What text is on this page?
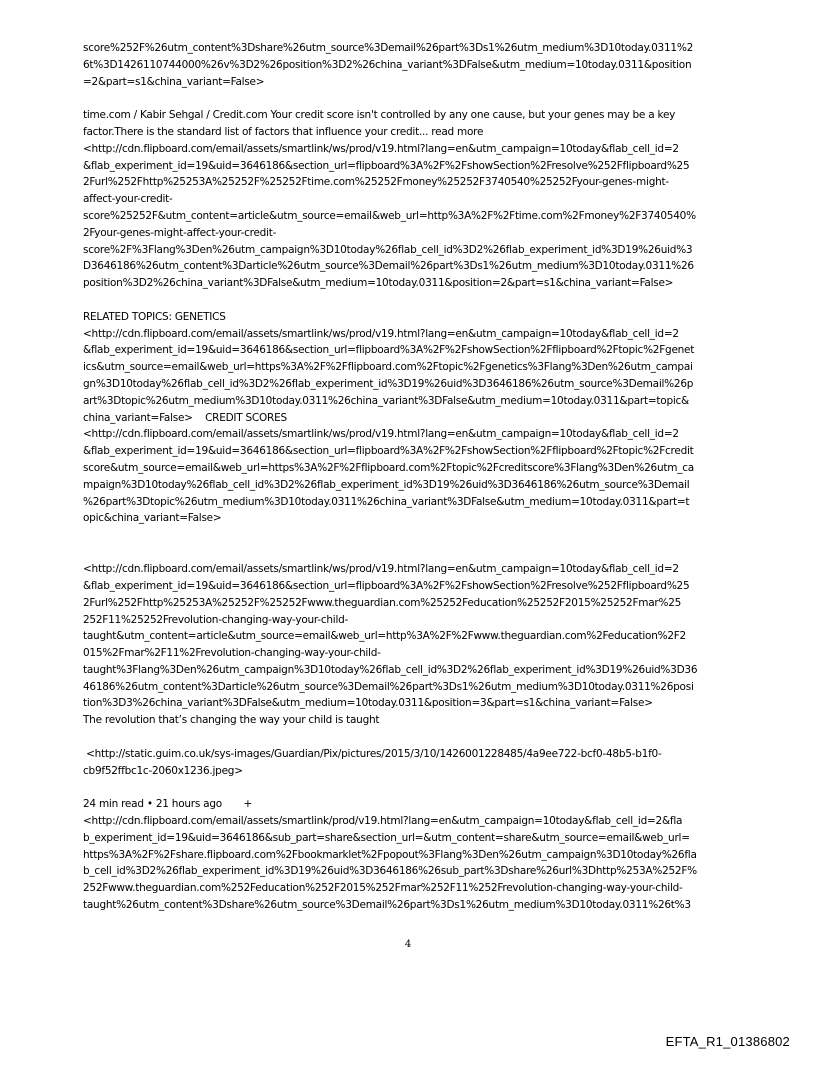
score%252F%26utm_content%3Dshare%26utm_source%3Demail%26part%3Ds1%26utm_medium%3D10today.0311%2
6t%3D1426110744000%26v%3D2%26position%3D2%26china_variant%3DFalse&utm_medium=10today.0311&position
=2&part=s1&china_variant=False>
time.com / Kabir Sehgal / Credit.com Your credit score isn't controlled by any one cause, but your genes may be a key
factor.There is the standard list of factors that influence your credit... read more
<http://cdn.flipboard.com/email/assets/smartlink/ws/prod/v19.html?lang=en&utm_campaign=10today&flab_cell_id=2
&flab_experiment_id=19&uid=3646186&section_url=flipboard%3A%2F%2FshowSection%2Fresolve%252Fflipboard%25
2Furl%252Fhttp%25253A%25252F%25252Ftime.com%25252Fmoney%25252F3740540%25252Fyour-genes-might-
affect-your-credit-
score%25252F&utm_content=article&utm_source=email&web_url=http%3A%2F%2Ftime.com%2Fmoney%2F3740540%
2Fyour-genes-might-affect-your-credit-
score%2F%3Flang%3Den%26utm_campaign%3D10today%26flab_cell_id%3D2%26flab_experiment_id%3D19%26uid%3
D3646186%26utm_content%3Darticle%26utm_source%3Demail%26part%3Ds1%26utm_medium%3D10today.0311%26
position%3D2%26china_variant%3DFalse&utm_medium=10today.0311&position=2&part=s1&china_variant=False>
RELATED TOPICS: GENETICS
<http://cdn.flipboard.com/email/assets/smartlink/ws/prod/v19.html?lang=en&utm_campaign=10today&flab_cell_id=2
&flab_experiment_id=19&uid=3646186&section_url=flipboard%3A%2F%2FshowSection%2Fflipboard%2Ftopic%2Fgenet
ics&utm_source=email&web_url=https%3A%2F%2Fflipboard.com%2Ftopic%2Fgenetics%3Flang%3Den%26utm_campai
gn%3D10today%26flab_cell_id%3D2%26flab_experiment_id%3D19%26uid%3D3646186%26utm_source%3Demail%26p
art%3Dtopic%26utm_medium%3D10today.0311%26china_variant%3DFalse&utm_medium=10today.0311&part=topic&
china_variant=False>    CREDIT SCORES
<http://cdn.flipboard.com/email/assets/smartlink/ws/prod/v19.html?lang=en&utm_campaign=10today&flab_cell_id=2
&flab_experiment_id=19&uid=3646186&section_url=flipboard%3A%2F%2FshowSection%2Fflipboard%2Ftopic%2Fcredit
score&utm_source=email&web_url=https%3A%2F%2Fflipboard.com%2Ftopic%2Fcreditscore%3Flang%3Den%26utm_ca
mpaign%3D10today%26flab_cell_id%3D2%26flab_experiment_id%3D19%26uid%3D3646186%26utm_source%3Demail
%26part%3Dtopic%26utm_medium%3D10today.0311%26china_variant%3DFalse&utm_medium=10today.0311&part=t
opic&china_variant=False>
<http://cdn.flipboard.com/email/assets/smartlink/ws/prod/v19.html?lang=en&utm_campaign=10today&flab_cell_id=2
&flab_experiment_id=19&uid=3646186&section_url=flipboard%3A%2F%2FshowSection%2Fresolve%252Fflipboard%25
2Furl%252Fhttp%25253A%25252F%25252Fwww.theguardian.com%25252Feducation%25252F2015%25252Fmar%25
252F11%25252Frevolution-changing-way-your-child-
taught&utm_content=article&utm_source=email&web_url=http%3A%2F%2Fwww.theguardian.com%2Feducation%2F2
015%2Fmar%2F11%2Frevolution-changing-way-your-child-
taught%3Flang%3Den%26utm_campaign%3D10today%26flab_cell_id%3D2%26flab_experiment_id%3D19%26uid%3D36
46186%26utm_content%3Darticle%26utm_source%3Demail%26part%3Ds1%26utm_medium%3D10today.0311%26posi
tion%3D3%26china_variant%3DFalse&utm_medium=10today.0311&position=3&part=s1&china_variant=False>
The revolution that’s changing the way your child is taught
<http://static.guim.co.uk/sys-images/Guardian/Pix/pictures/2015/3/10/1426001228485/4a9ee722-bcf0-48b5-b1f0-
cb9f52ffbc1c-2060x1236.jpeg>
24 min read • 21 hours ago       +
<http://cdn.flipboard.com/email/assets/smartlink/prod/v19.html?lang=en&utm_campaign=10today&flab_cell_id=2&fla
b_experiment_id=19&uid=3646186&sub_part=share&section_url=&utm_content=share&utm_source=email&web_url=
https%3A%2F%2Fshare.flipboard.com%2Fbookmarklet%2Fpopout%3Flang%3Den%26utm_campaign%3D10today%26fla
b_cell_id%3D2%26flab_experiment_id%3D19%26uid%3D3646186%26sub_part%3Dshare%26url%3Dhttp%253A%252F%
252Fwww.theguardian.com%252Feducation%252F2015%252Fmar%252F11%252Frevolution-changing-way-your-child-
taught%26utm_content%3Dshare%26utm_source%3Demail%26part%3Ds1%26utm_medium%3D10today.0311%26t%3
4
EFTA_R1_01386802
